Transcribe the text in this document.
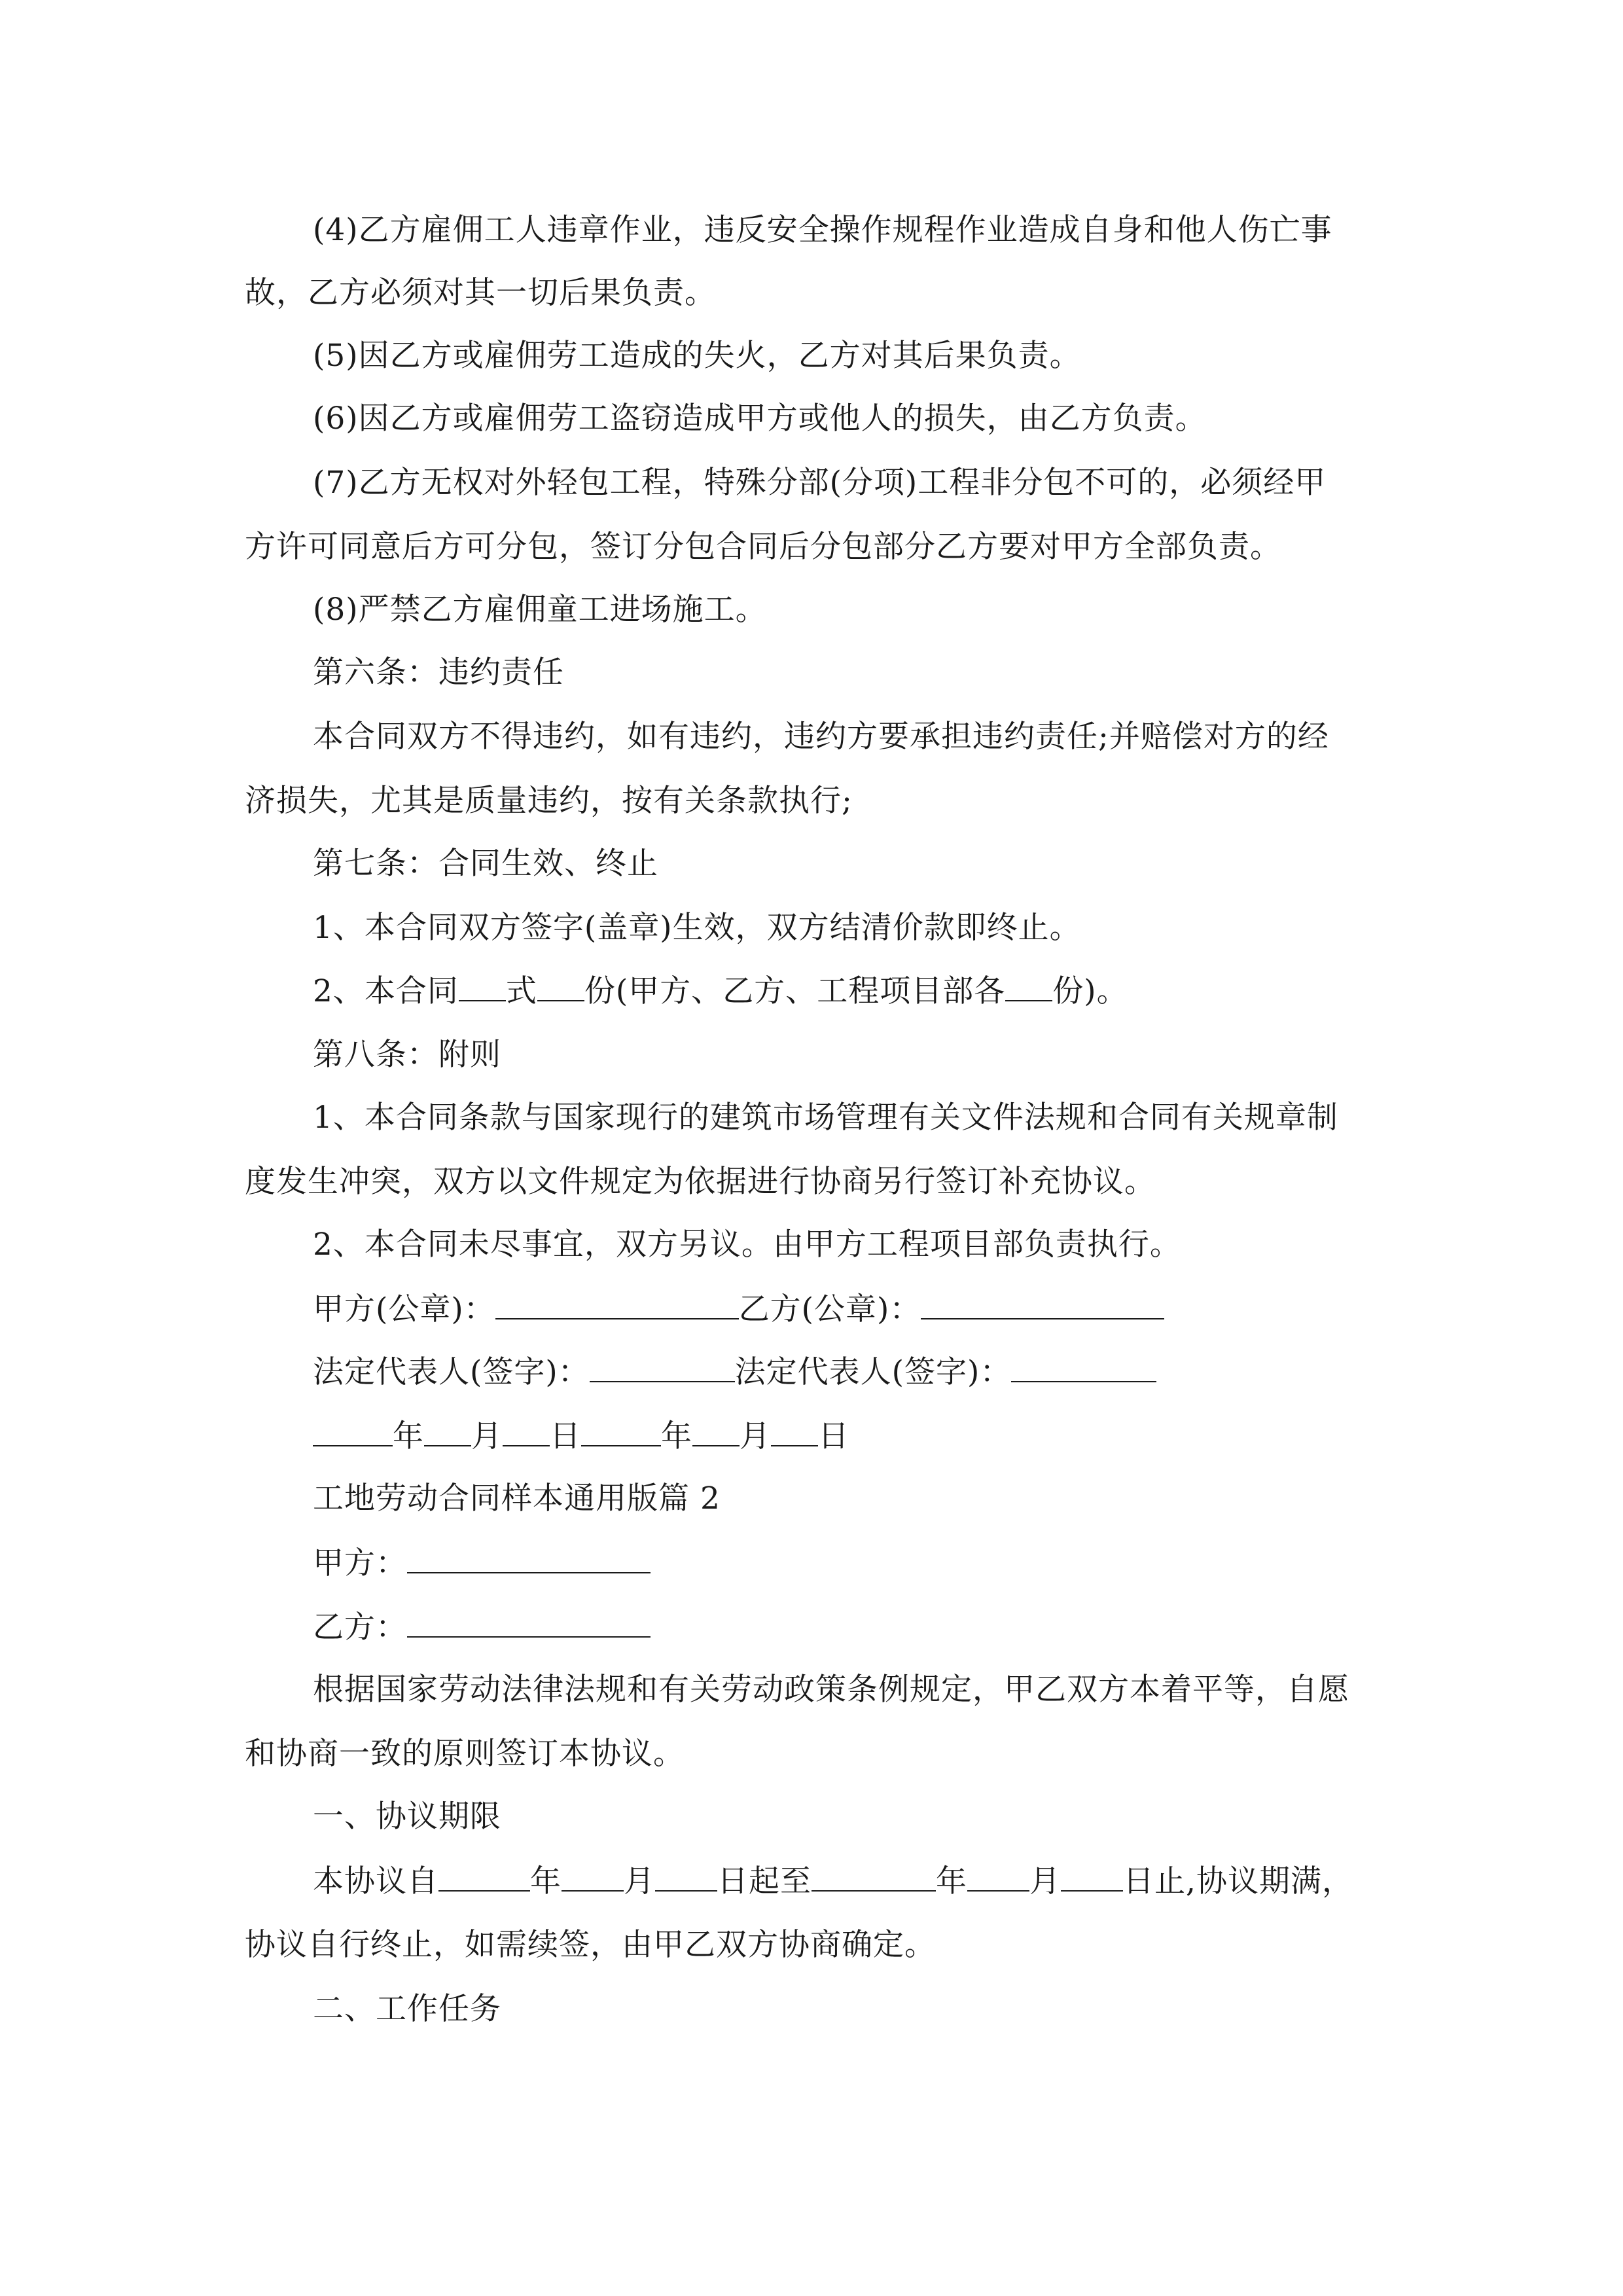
(4)乙方雇佣工人违章作业，违反安全操作规程作业造成自身和他人伤亡事
故，乙方必须对其一切后果负责。
(5)因乙方或雇佣劳工造成的失火，乙方对其后果负责。
(6)因乙方或雇佣劳工盗窃造成甲方或他人的损失，由乙方负责。
(7)乙方无权对外轻包工程，特殊分部(分项)工程非分包不可的，必须经甲
方许可同意后方可分包，签订分包合同后分包部分乙方要对甲方全部负责。
(8)严禁乙方雇佣童工进场施工。
第六条：违约责任
本合同双方不得违约，如有违约，违约方要承担违约责任;并赔偿对方的经
济损失，尤其是质量违约，按有关条款执行;
第七条：合同生效、终止
1、本合同双方签字(盖章)生效，双方结清价款即终止。
2、本合同 式 份(甲方、乙方、工程项目部各 份)。
第八条：附则
1、本合同条款与国家现行的建筑市场管理有关文件法规和合同有关规章制
度发生冲突，双方以文件规定为依据进行协商另行签订补充协议。
2、本合同未尽事宜，双方另议。由甲方工程项目部负责执行。
甲方(公章)：	乙方(公章)：
法定代表人(签字)：	法定代表人(签字)：
年 月 日	年 月 日
工地劳动合同样本通用版篇 2
甲方：
乙方：
根据国家劳动法律法规和有关劳动政策条例规定，甲乙双方本着平等，自愿
和协商一致的原则签订本协议。
一、协议期限
本协议自	年 月 日起至	年 月 日止,协议期满，
协议自行终止，如需续签，由甲乙双方协商确定。
二、工作任务
